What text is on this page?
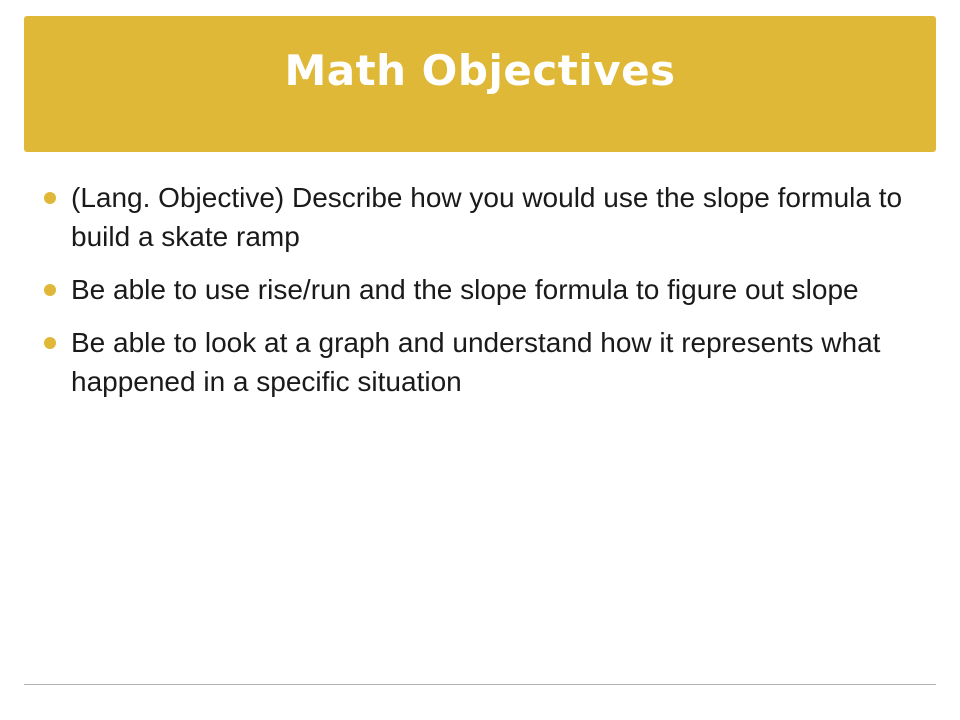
Math Objectives
(Lang. Objective) Describe how you would use the slope formula to build a skate ramp
Be able to use rise/run and the slope formula to figure out slope
Be able to look at a graph and understand how it represents what happened in a specific situation
